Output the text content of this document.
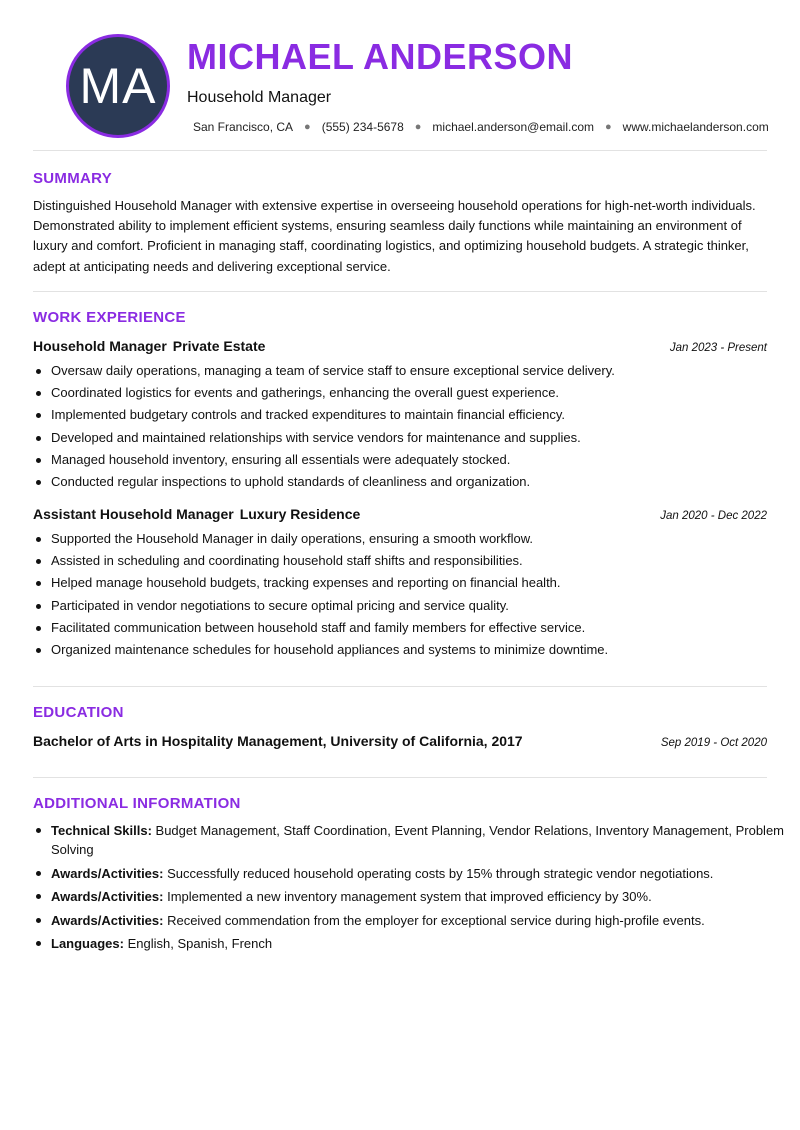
MA
MICHAEL ANDERSON
Household Manager
San Francisco, CA ● (555) 234-5678 ● michael.anderson@email.com ● www.michaelanderson.com
SUMMARY

Distinguished Household Manager with extensive expertise in overseeing household operations for high-net-worth individuals. Demonstrated ability to implement efficient systems, ensuring seamless daily functions while maintaining an environment of luxury and comfort. Proficient in managing staff, coordinating logistics, and optimizing household budgets. A strategic thinker, adept at anticipating needs and delivering exceptional service.

WORK EXPERIENCE
Household Manager Private Estate	Jan 2023 - Present
Oversaw daily operations, managing a team of service staff to ensure exceptional service delivery.
Coordinated logistics for events and gatherings, enhancing the overall guest experience.
Implemented budgetary controls and tracked expenditures to maintain financial efficiency.
Developed and maintained relationships with service vendors for maintenance and supplies.
Managed household inventory, ensuring all essentials were adequately stocked.
Conducted regular inspections to uphold standards of cleanliness and organization.
Assistant Household Manager Luxury Residence	Jan 2020 - Dec 2022
Supported the Household Manager in daily operations, ensuring a smooth workflow.
Assisted in scheduling and coordinating household staff shifts and responsibilities.
Helped manage household budgets, tracking expenses and reporting on financial health.
Participated in vendor negotiations to secure optimal pricing and service quality.
Facilitated communication between household staff and family members for effective service.
Organized maintenance schedules for household appliances and systems to minimize downtime.
EDUCATION
Bachelor of Arts in Hospitality Management, University of California, 2017	Sep 2019 - Oct 2020
ADDITIONAL INFORMATION
Technical Skills: Budget Management, Staff Coordination, Event Planning, Vendor Relations, Inventory Management, Problem Solving
Awards/Activities: Successfully reduced household operating costs by 15% through strategic vendor negotiations.
Awards/Activities: Implemented a new inventory management system that improved efficiency by 30%.
Awards/Activities: Received commendation from the employer for exceptional service during high-profile events.
Languages: English, Spanish, French
